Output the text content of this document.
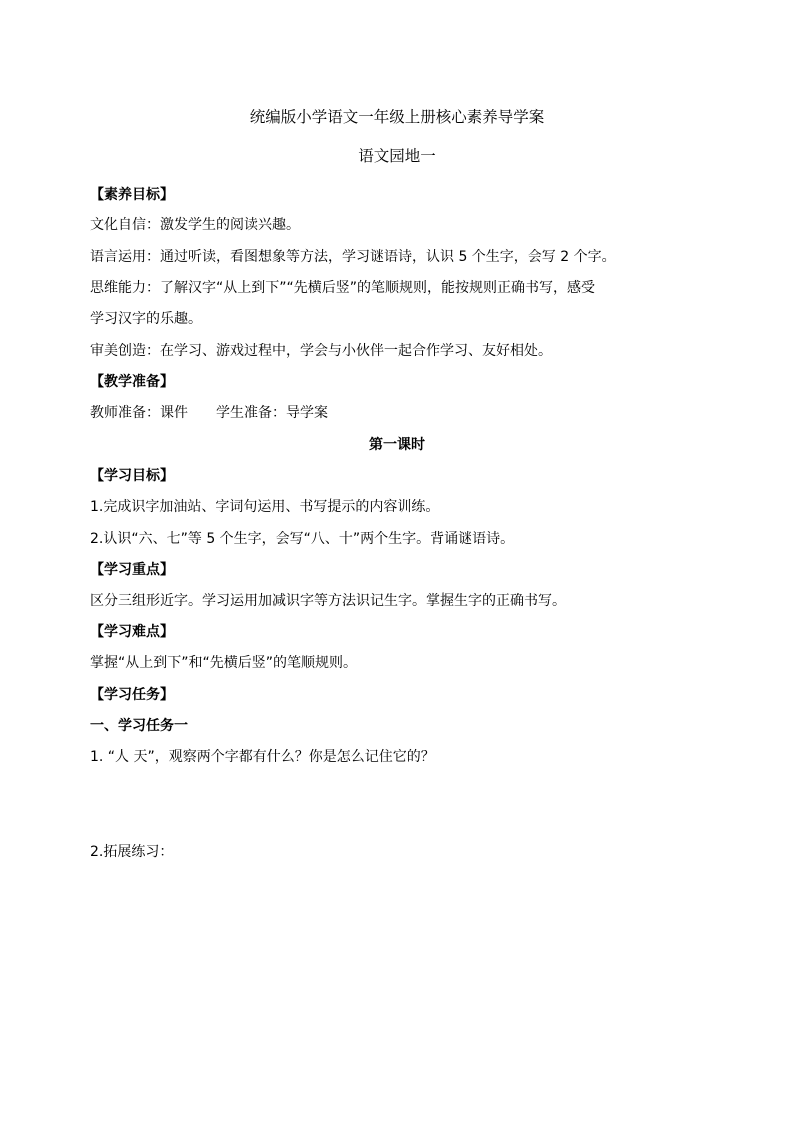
统编版小学语文一年级上册核心素养导学案
语文园地一
【素养目标】
文化自信：激发学生的阅读兴趣。
语言运用：通过听读，看图想象等方法，学习谜语诗，认识 5 个生字，会写 2 个字。
思维能力：了解汉字“从上到下”“先横后竖”的笔顺规则，能按规则正确书写，感受
学习汉字的乐趣。
审美创造：在学习、游戏过程中，学会与小伙伴一起合作学习、友好相处。
【教学准备】
教师准备：课件 学生准备：导学案
第一课时
【学习目标】
1.完成识字加油站、字词句运用、书写提示的内容训练。
2.认识“六、七”等 5 个生字，会写“八、十”两个生字。背诵谜语诗。
【学习重点】
区分三组形近字。学习运用加减识字等方法识记生字。掌握生字的正确书写。
【学习难点】
掌握“从上到下”和“先横后竖”的笔顺规则。
【学习任务】
一、学习任务一
1. “人 天”，观察两个字都有什么？你是怎么记住它的？
2.拓展练习：
